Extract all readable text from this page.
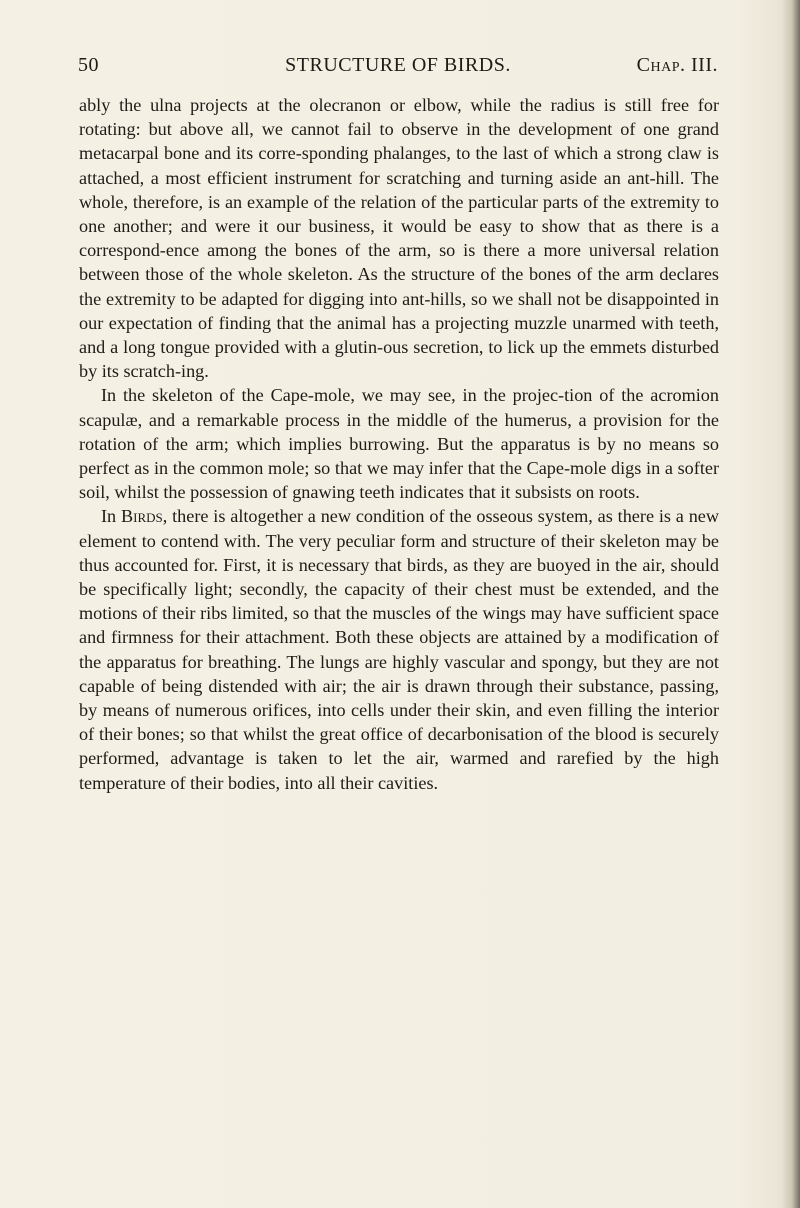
50	STRUCTURE OF BIRDS.	Chap. III.

ably the ulna projects at the olecranon or elbow, while the radius is still free for rotating: but above all, we cannot fail to observe in the development of one grand metacarpal bone and its corre-sponding phalanges, to the last of which a strong claw is attached, a most efficient instrument for scratching and turning aside an ant-hill. The whole, therefore, is an example of the relation of the particular parts of the extremity to one another; and were it our business, it would be easy to show that as there is a correspond-ence among the bones of the arm, so is there a more universal relation between those of the whole skeleton. As the structure of the bones of the arm declares the extremity to be adapted for digging into ant-hills, so we shall not be disappointed in our expectation of finding that the animal has a projecting muzzle unarmed with teeth, and a long tongue provided with a glutin-ous secretion, to lick up the emmets disturbed by its scratch-ing.

In the skeleton of the Cape-mole, we may see, in the projec-tion of the acromion scapulæ, and a remarkable process in the middle of the humerus, a provision for the rotation of the arm; which implies burrowing. But the apparatus is by no means so perfect as in the common mole; so that we may infer that the Cape-mole digs in a softer soil, whilst the possession of gnawing teeth indicates that it subsists on roots.

In Birds, there is altogether a new condition of the osseous system, as there is a new element to contend with. The very peculiar form and structure of their skeleton may be thus accounted for. First, it is necessary that birds, as they are buoyed in the air, should be specifically light; secondly, the capacity of their chest must be extended, and the motions of their ribs limited, so that the muscles of the wings may have sufficient space and firmness for their attachment. Both these objects are attained by a modification of the apparatus for breathing. The lungs are highly vascular and spongy, but they are not capable of being distended with air; the air is drawn through their substance, passing, by means of numerous orifices, into cells under their skin, and even filling the interior of their bones; so that whilst the great office of decarbonisation of the blood is securely performed, advantage is taken to let the air, warmed and rarefied by the high temperature of their bodies, into all their cavities.
